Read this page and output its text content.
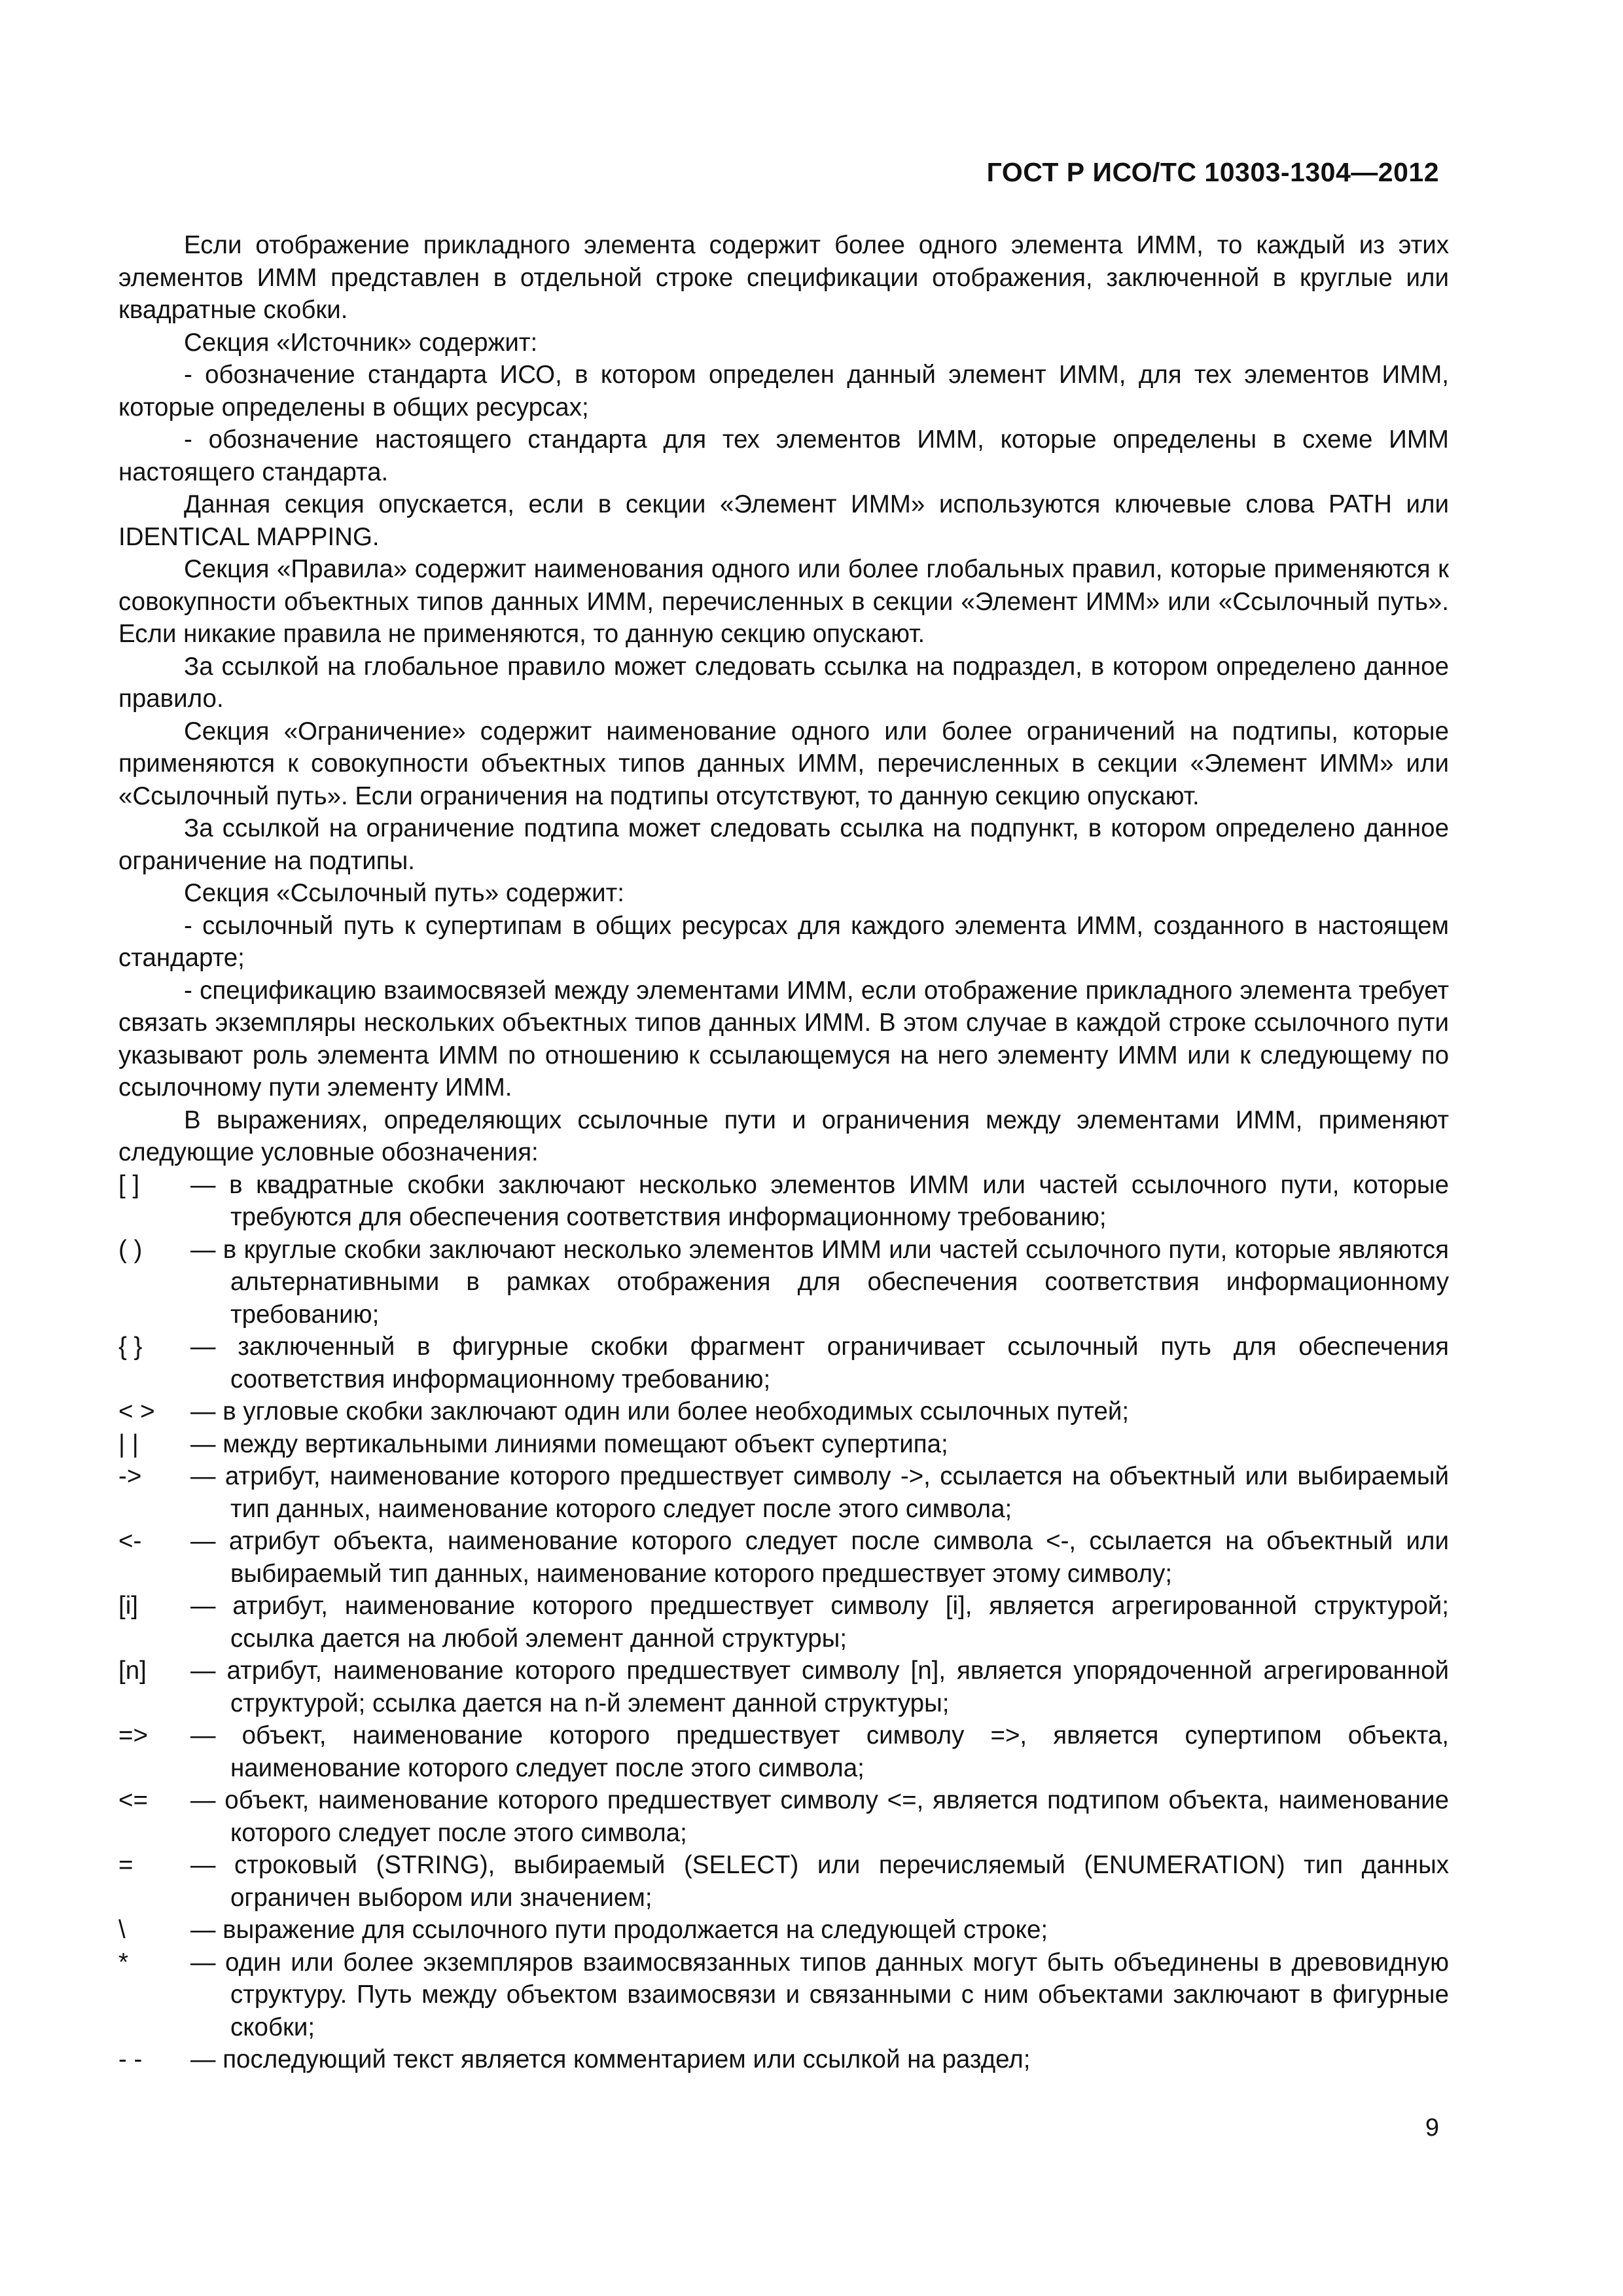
ГОСТ Р ИСО/ТС 10303-1304—2012

Если отображение прикладного элемента содержит более одного элемента ИММ, то каждый из этих элементов ИММ представлен в отдельной строке спецификации отображения, заключенной в круглые или квадратные скобки.

Секция «Источник» содержит:

- обозначение стандарта ИСО, в котором определен данный элемент ИММ, для тех элементов ИММ, которые определены в общих ресурсах;

- обозначение настоящего стандарта для тех элементов ИММ, которые определены в схеме ИММ настоящего стандарта.

Данная секция опускается, если в секции «Элемент ИММ» используются ключевые слова PATH или IDENTICAL MAPPING.

Секция «Правила» содержит наименования одного или более глобальных правил, которые применяются к совокупности объектных типов данных ИММ, перечисленных в секции «Элемент ИММ» или «Ссылочный путь». Если никакие правила не применяются, то данную секцию опускают.

За ссылкой на глобальное правило может следовать ссылка на подраздел, в котором определено данное правило.

Секция «Ограничение» содержит наименование одного или более ограничений на подтипы, которые применяются к совокупности объектных типов данных ИММ, перечисленных в секции «Элемент ИММ» или «Ссылочный путь». Если ограничения на подтипы отсутствуют, то данную секцию опускают.

За ссылкой на ограничение подтипа может следовать ссылка на подпункт, в котором определено данное ограничение на подтипы.

Секция «Ссылочный путь» содержит:

- ссылочный путь к супертипам в общих ресурсах для каждого элемента ИММ, созданного в настоящем стандарте;

- спецификацию взаимосвязей между элементами ИММ, если отображение прикладного элемента требует связать экземпляры нескольких объектных типов данных ИММ. В этом случае в каждой строке ссылочного пути указывают роль элемента ИММ по отношению к ссылающемуся на него элементу ИММ или к следующему по ссылочному пути элементу ИММ.

В выражениях, определяющих ссылочные пути и ограничения между элементами ИММ, применяют следующие условные обозначения:

[ ]	— в квадратные скобки заключают несколько элементов ИММ или частей ссылочного пути, которые требуются для обеспечения соответствия информационному требованию;
( )	— в круглые скобки заключают несколько элементов ИММ или частей ссылочного пути, которые являются альтернативными в рамках отображения для обеспечения соответствия информационному требованию;
{ }	— заключенный в фигурные скобки фрагмент ограничивает ссылочный путь для обеспечения соответствия информационному требованию;
< >	— в угловые скобки заключают один или более необходимых ссылочных путей;
| |	— между вертикальными линиями помещают объект супертипа;
->	— атрибут, наименование которого предшествует символу ->, ссылается на объектный или выбираемый тип данных, наименование которого следует после этого символа;
<-	— атрибут объекта, наименование которого следует после символа <-, ссылается на объектный или выбираемый тип данных, наименование которого предшествует этому символу;
[i]	— атрибут, наименование которого предшествует символу [i], является агрегированной структурой; ссылка дается на любой элемент данной структуры;
[n]	— атрибут, наименование которого предшествует символу [n], является упорядоченной агрегированной структурой; ссылка дается на n-й элемент данной структуры;
=>	— объект, наименование которого предшествует символу =>, является супертипом объекта, наименование которого следует после этого символа;
<=	— объект, наименование которого предшествует символу <=, является подтипом объекта, наименование которого следует после этого символа;
=	— строковый (STRING), выбираемый (SELECT) или перечисляемый (ENUMERATION) тип данных ограничен выбором или значением;
\	— выражение для ссылочного пути продолжается на следующей строке;
*	— один или более экземпляров взаимосвязанных типов данных могут быть объединены в древовидную структуру. Путь между объектом взаимосвязи и связанными с ним объектами заключают в фигурные скобки;
- -	— последующий текст является комментарием или ссылкой на раздел;
9
